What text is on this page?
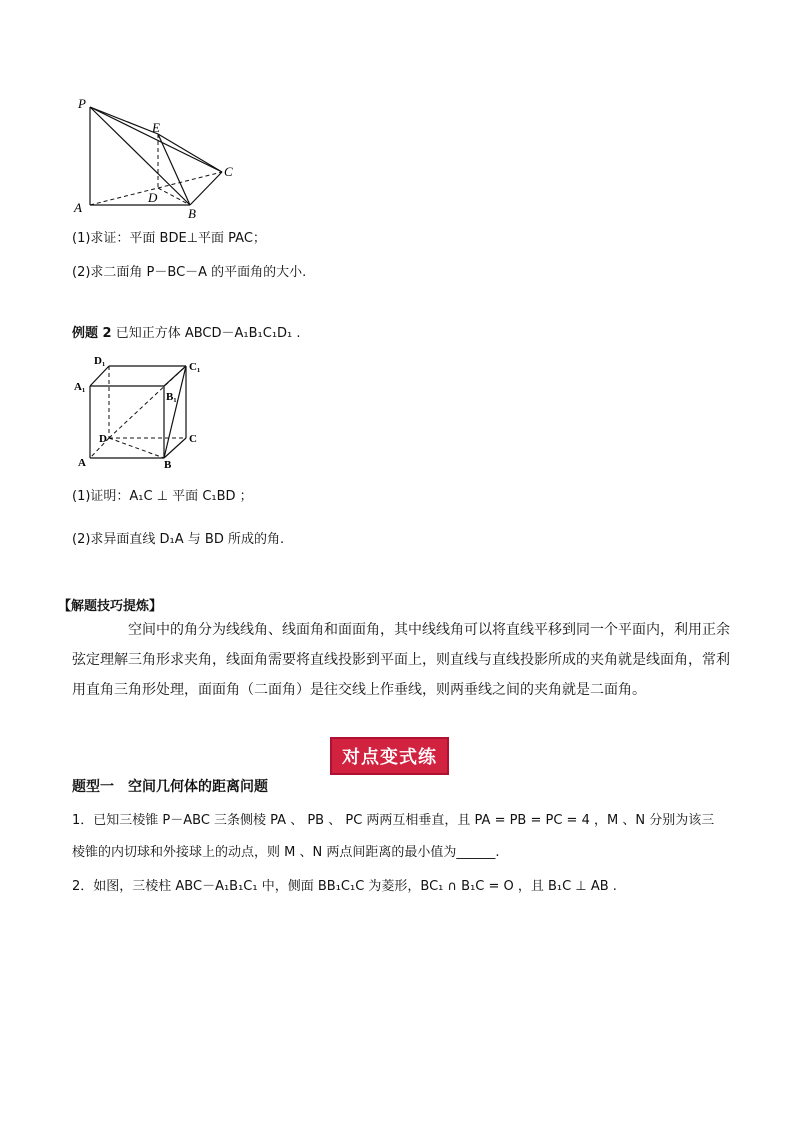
P
E
C
D
A	B
(1)求证：平面 BDE⊥平面 PAC；
(2)求二面角 P－BC－A 的平面角的大小.
例题 2 已知正方体 ABCD－A₁B₁C₁D₁ .
D₁	C₁
A₁
B₁
D	C
A	B
(1)证明：A₁C ⊥ 平面 C₁BD ；
(2)求异面直线 D₁A 与 BD 所成的角.
【解题技巧提炼】
空间中的角分为线线角、线面角和面面角，其中线线角可以将直线平移到同一个平面内，利用正余弦定理解三角形求夹角，线面角需要将直线投影到平面上，则直线与直线投影所成的夹角就是线面角，常利用直角三角形处理，面面角（二面角）是往交线上作垂线，则两垂线之间的夹角就是二面角。
对点变式练
题型一　空间几何体的距离问题
1．已知三棱锥 P－ABC 三条侧棱 PA 、 PB 、 PC 两两互相垂直，且 PA = PB = PC = 4 ，M 、N 分别为该三
棱锥的内切球和外接球上的动点，则 M 、N 两点间距离的最小值为______.
2．如图，三棱柱 ABC－A₁B₁C₁ 中，侧面 BB₁C₁C 为菱形，BC₁ ∩ B₁C = O ，且 B₁C ⊥ AB .
